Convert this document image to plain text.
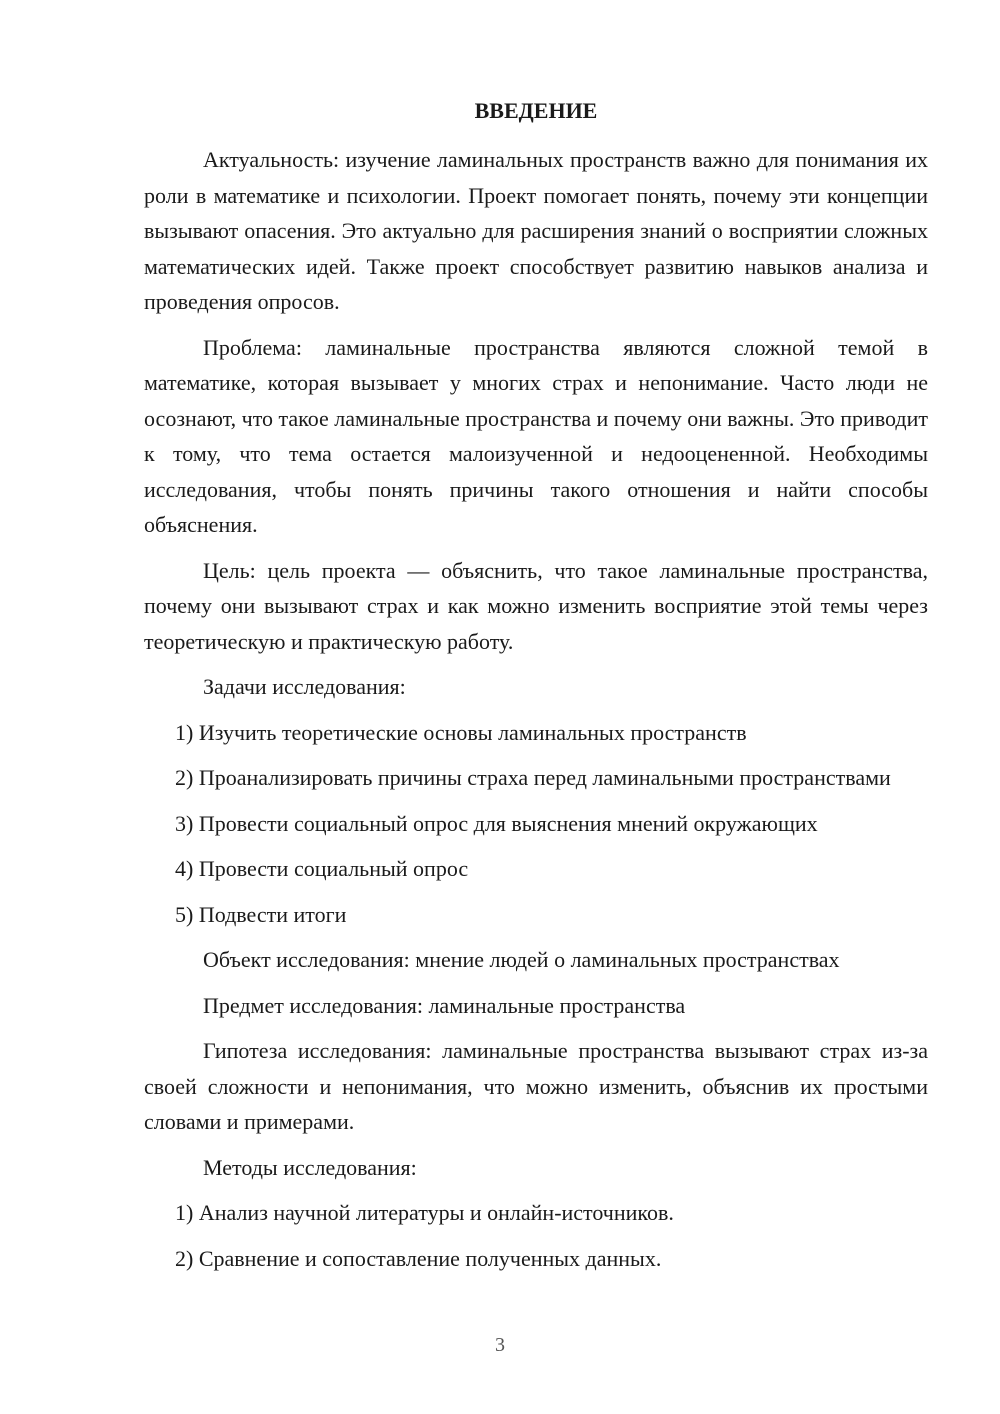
ВВЕДЕНИЕ

Актуальность: изучение ламинальных пространств важно для понимания их роли в математике и психологии. Проект помогает понять, почему эти концепции вызывают опасения. Это актуально для расширения знаний о восприятии сложных математических идей. Также проект способствует развитию навыков анализа и проведения опросов.

Проблема: ламинальные пространства являются сложной темой в математике, которая вызывает у многих страх и непонимание. Часто люди не осознают, что такое ламинальные пространства и почему они важны. Это приводит к тому, что тема остается малоизученной и недооцененной. Необходимы исследования, чтобы понять причины такого отношения и найти способы объяснения.

Цель: цель проекта — объяснить, что такое ламинальные пространства, почему они вызывают страх и как можно изменить восприятие этой темы через теоретическую и практическую работу.

Задачи исследования:

1) Изучить теоретические основы ламинальных пространств

2) Проанализировать причины страха перед ламинальными пространствами

3) Провести социальный опрос для выяснения мнений окружающих

4) Провести социальный опрос

5) Подвести итоги

Объект исследования: мнение людей о ламинальных пространствах

Предмет исследования: ламинальные пространства

Гипотеза исследования: ламинальные пространства вызывают страх из-за своей сложности и непонимания, что можно изменить, объяснив их простыми словами и примерами.

Методы исследования:

1) Анализ научной литературы и онлайн-источников.

2) Сравнение и сопоставление полученных данных.

3
